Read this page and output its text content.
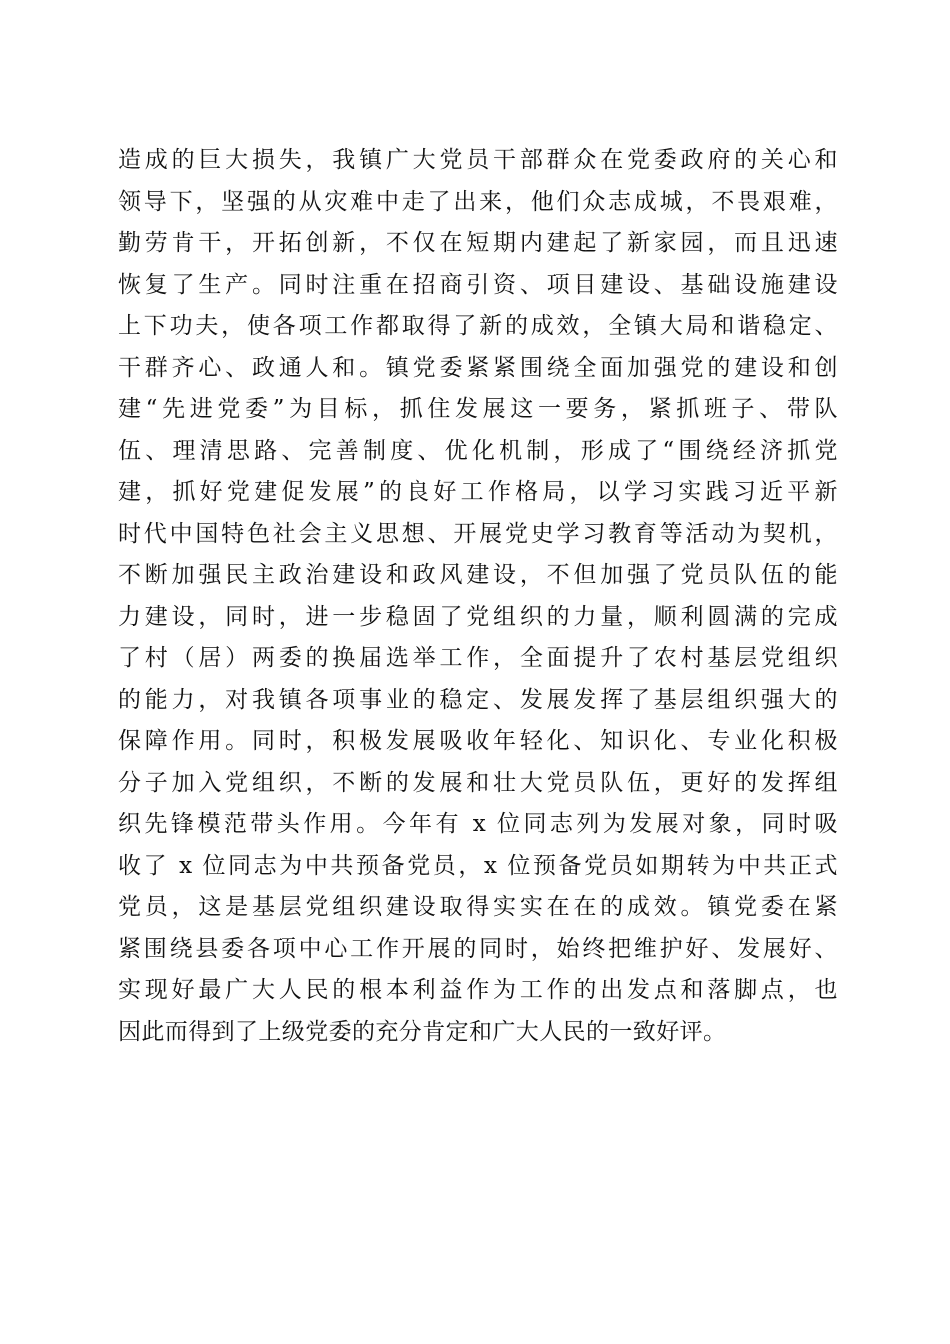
造成的巨大损失，我镇广大党员干部群众在党委政府的关心和
领导下，坚强的从灾难中走了出来，他们众志成城，不畏艰难，
勤劳肯干，开拓创新，不仅在短期内建起了新家园，而且迅速
恢复了生产。同时注重在招商引资、项目建设、基础设施建设
上下功夫，使各项工作都取得了新的成效，全镇大局和谐稳定、
干群齐心、政通人和。镇党委紧紧围绕全面加强党的建设和创
建“先进党委”为目标，抓住发展这一要务，紧抓班子、带队
伍、理清思路、完善制度、优化机制，形成了“围绕经济抓党
建，抓好党建促发展”的良好工作格局，以学习实践习近平新
时代中国特色社会主义思想、开展党史学习教育等活动为契机，
不断加强民主政治建设和政风建设，不但加强了党员队伍的能
力建设，同时，进一步稳固了党组织的力量，顺利圆满的完成
了村（居）两委的换届选举工作，全面提升了农村基层党组织
的能力，对我镇各项事业的稳定、发展发挥了基层组织强大的
保障作用。同时，积极发展吸收年轻化、知识化、专业化积极
分子加入党组织，不断的发展和壮大党员队伍，更好的发挥组
织先锋模范带头作用。今年有 x 位同志列为发展对象，同时吸
收了 x 位同志为中共预备党员，x 位预备党员如期转为中共正式
党员，这是基层党组织建设取得实实在在的成效。镇党委在紧
紧围绕县委各项中心工作开展的同时，始终把维护好、发展好、
实现好最广大人民的根本利益作为工作的出发点和落脚点，也
因此而得到了上级党委的充分肯定和广大人民的一致好评。
